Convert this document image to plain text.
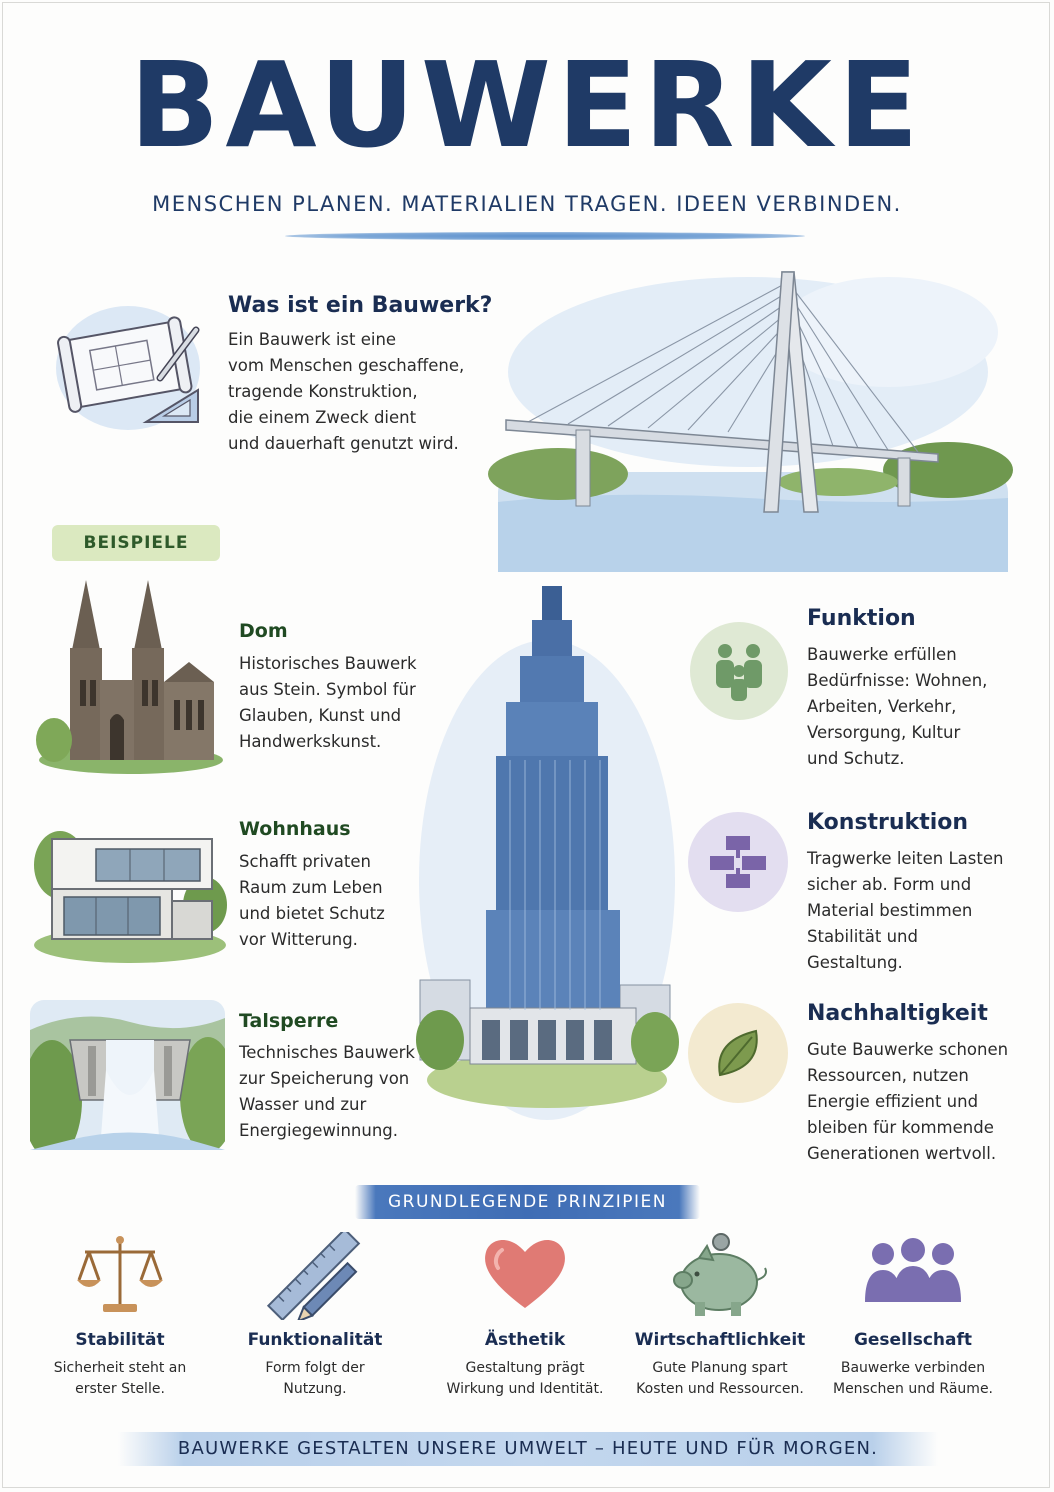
BAUWERKE
MENSCHEN PLANEN. MATERIALIEN TRAGEN. IDEEN VERBINDEN.
Was ist ein Bauwerk?
Ein Bauwerk ist eine
vom Menschen geschaffene,
tragende Konstruktion,
die einem Zweck dient
und dauerhaft genutzt wird.
BEISPIELE
Dom
Historisches Bauwerk
aus Stein. Symbol für
Glauben, Kunst und
Handwerkskunst.
Wohnhaus
Schafft privaten
Raum zum Leben
und bietet Schutz
vor Witterung.
Talsperre
Technisches Bauwerk
zur Speicherung von
Wasser und zur
Energiegewinnung.
Funktion
Bauwerke erfüllen
Bedürfnisse: Wohnen,
Arbeiten, Verkehr,
Versorgung, Kultur
und Schutz.
Konstruktion
Tragwerke leiten Lasten
sicher ab. Form und
Material bestimmen
Stabilität und
Gestaltung.
Nachhaltigkeit
Gute Bauwerke schonen
Ressourcen, nutzen
Energie effizient und
bleiben für kommende
Generationen wertvoll.
GRUNDLEGENDE PRINZIPIEN
Stabilität
Sicherheit steht an
erster Stelle.
Funktionalität
Form folgt der
Nutzung.
Ästhetik
Gestaltung prägt
Wirkung und Identität.
Wirtschaftlichkeit
Gute Planung spart
Kosten und Ressourcen.
Gesellschaft
Bauwerke verbinden
Menschen und Räume.
BAUWERKE GESTALTEN UNSERE UMWELT – HEUTE UND FÜR MORGEN.
